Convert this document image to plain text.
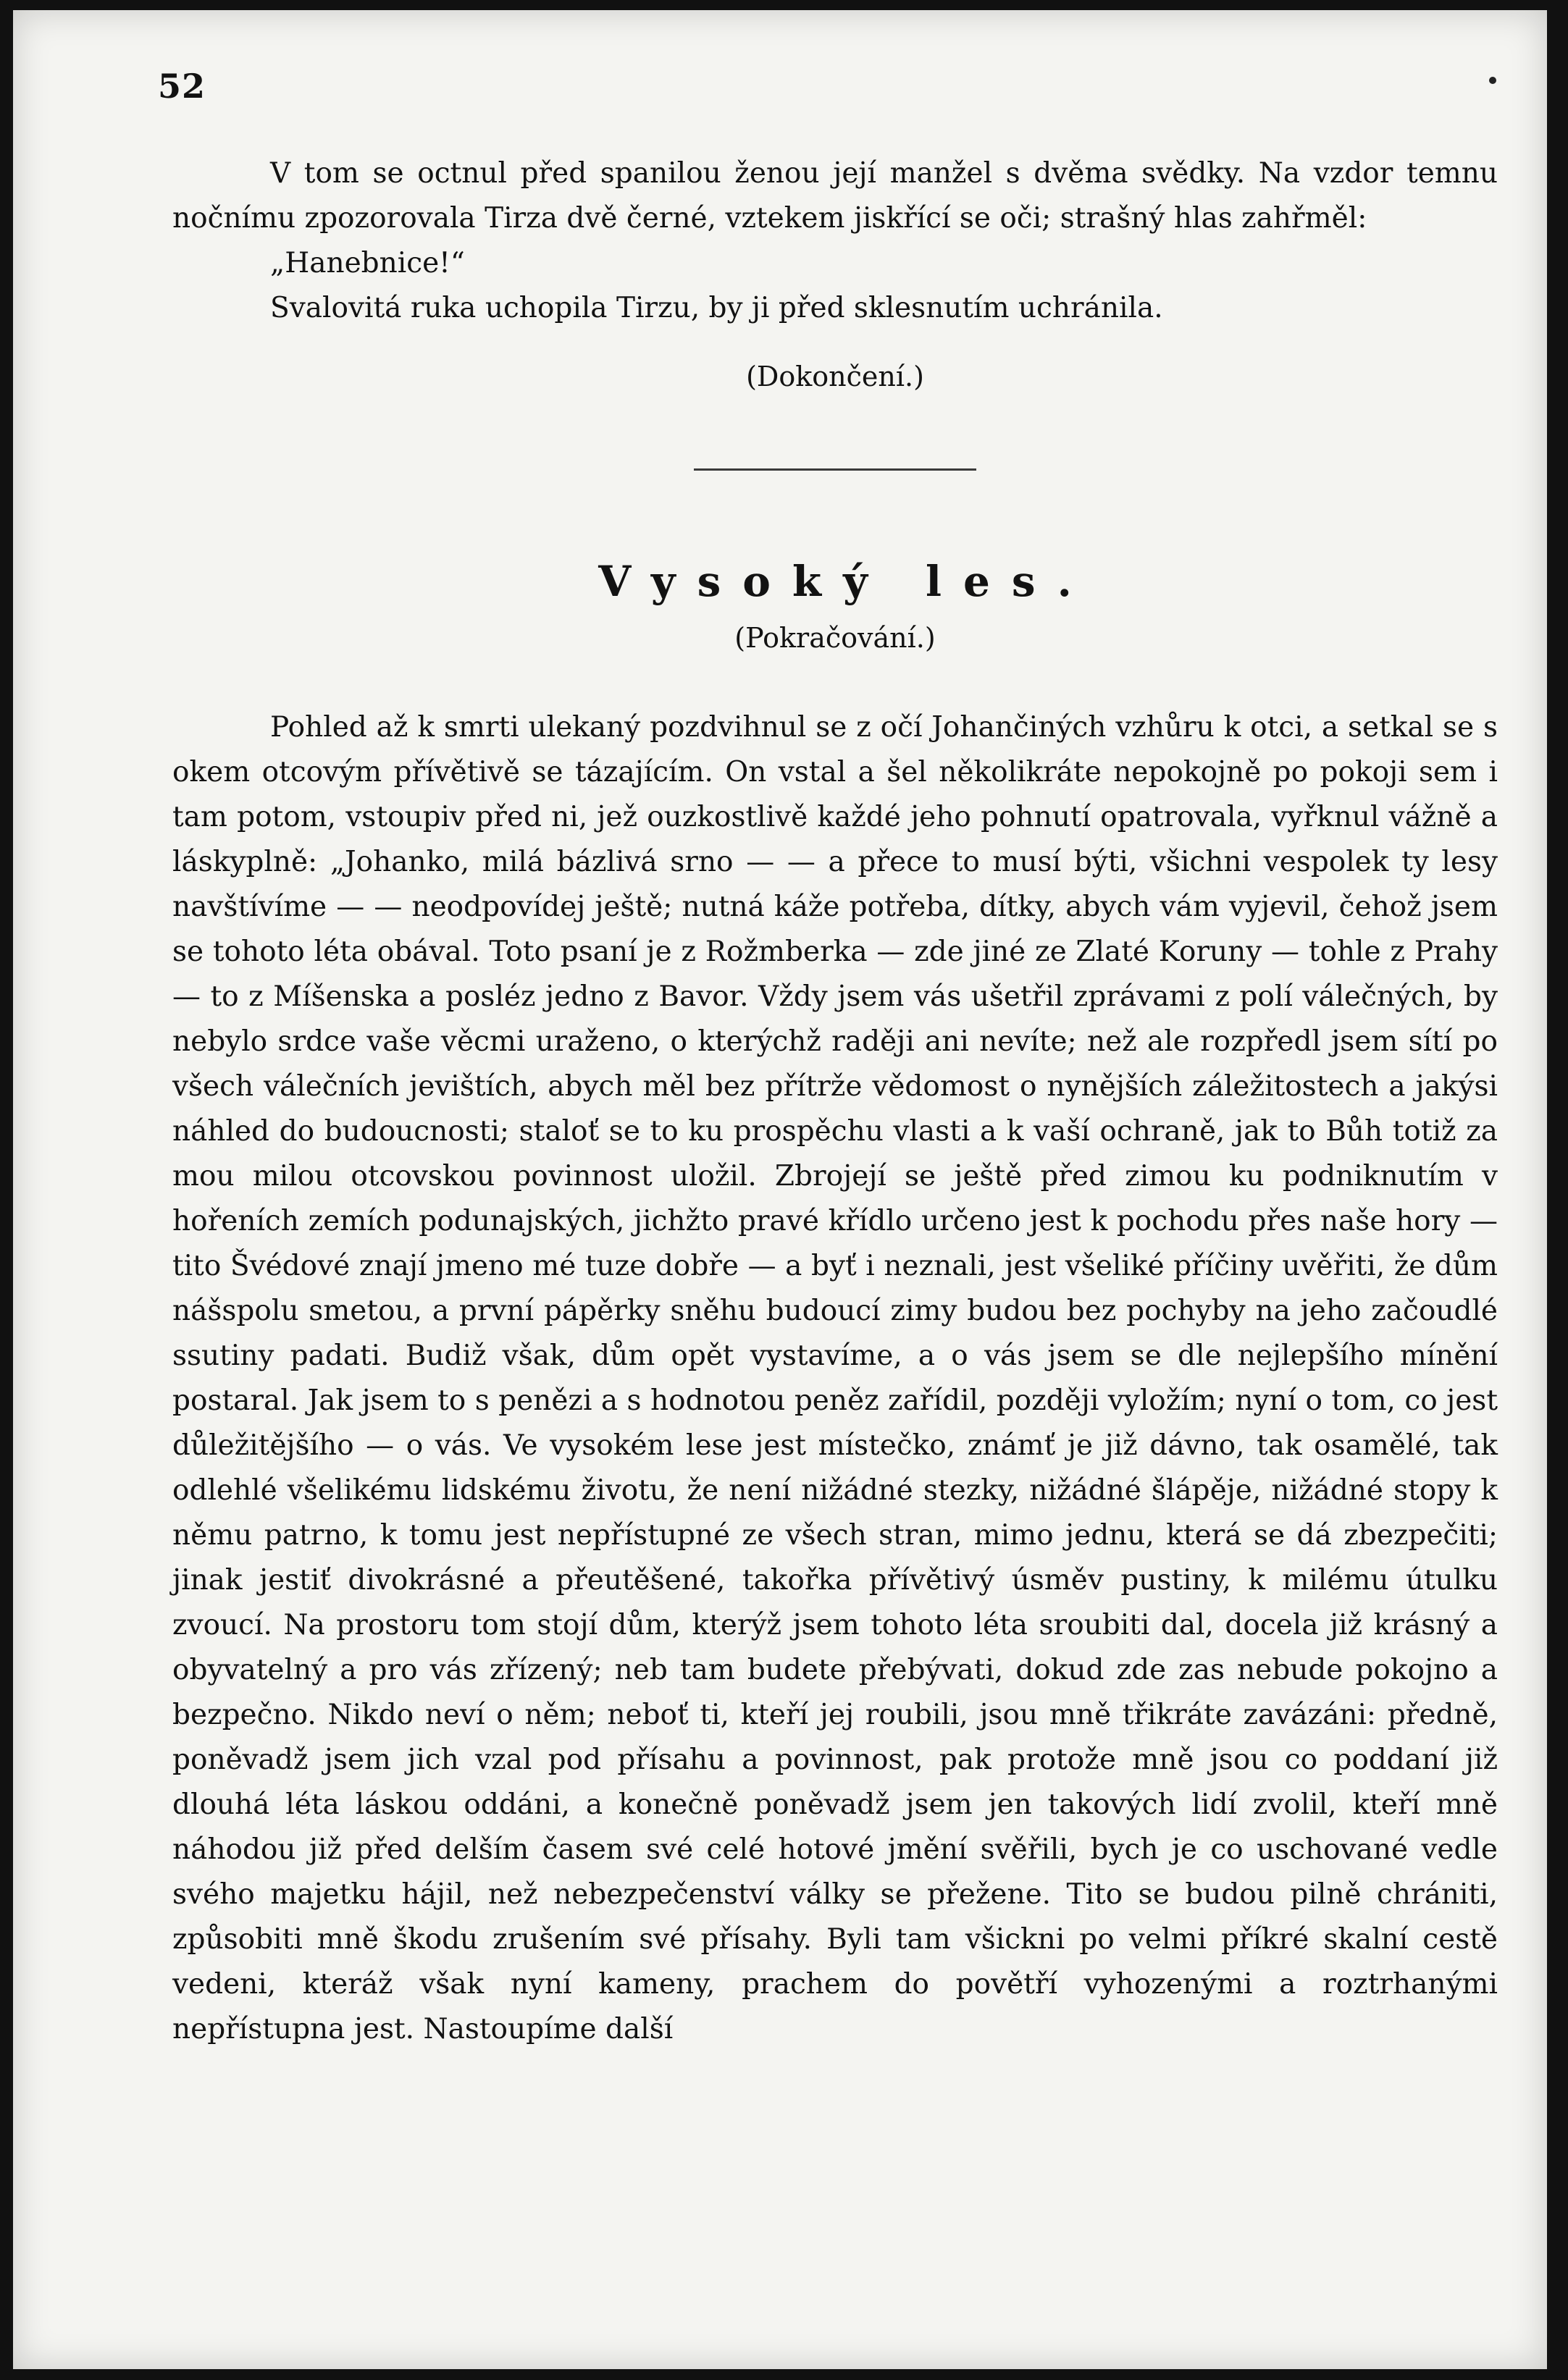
52

V tom se octnul před spanilou ženou její manžel s dvěma svědky. Na vzdor temnu nočnímu zpozorovala Tirza dvě černé, vztekem jiskřící se oči; strašný hlas zahřměl:

„Hanebnice!“

Svalovitá ruka uchopila Tirzu, by ji před sklesnutím uchránila.

(Dokončení.)

Vysoký les.

(Pokračování.)

Pohled až k smrti ulekaný pozdvihnul se z očí Johančiných vzhůru k otci, a setkal se s okem otcovým přívětivě se tázajícím. On vstal a šel několikráte nepokojně po pokoji sem i tam potom, vstoupiv před ni, jež ouzkostlivě každé jeho pohnutí opatrovala, vyřknul vážně a láskyplně: „Johanko, milá bázlivá srno — — a přece to musí býti, všichni vespolek ty lesy navštívíme — — neodpovídej ještě; nutná káže potřeba, dítky, abych vám vyjevil, čehož jsem se tohoto léta obával. Toto psaní je z Rožmberka — zde jiné ze Zlaté Koruny — tohle z Prahy — to z Míšenska a posléz jedno z Bavor. Vždy jsem vás ušetřil zprávami z polí válečných, by nebylo srdce vaše věcmi uraženo, o kterýchž raději ani nevíte; než ale rozpředl jsem sítí po všech válečních jevištích, abych měl bez přítrže vědomost o nynějších záležitostech a jakýsi náhled do budoucnosti; staloť se to ku prospěchu vlasti a k vaší ochraně, jak to Bůh totiž za mou milou otcovskou povinnost uložil. Zbrojejí se ještě před zimou ku podniknutím v hořeních zemích podunajských, jichžto pravé křídlo určeno jest k pochodu přes naše hory — tito Švédové znají jmeno mé tuze dobře — a byť i neznali, jest všeliké příčiny uvěřiti, že dům nášspolu smetou, a první pápěrky sněhu budoucí zimy budou bez pochyby na jeho začoudlé ssutiny padati. Budiž však, dům opět vystavíme, a o vás jsem se dle nejlepšího mínění postaral. Jak jsem to s penězi a s hodnotou peněz zařídil, později vyložím; nyní o tom, co jest důležitějšího — o vás. Ve vysokém lese jest místečko, známť je již dávno, tak osamělé, tak odlehlé všelikému lidskému životu, že není nižádné stezky, nižádné šlápěje, nižádné stopy k němu patrno, k tomu jest nepřístupné ze všech stran, mimo jednu, která se dá zbezpečiti; jinak jestiť divokrásné a přeutěšené, takořka přívětivý úsměv pustiny, k milému útulku zvoucí. Na prostoru tom stojí dům, kterýž jsem tohoto léta sroubiti dal, docela již krásný a obyvatelný a pro vás zřízený; neb tam budete přebývati, dokud zde zas nebude pokojno a bezpečno. Nikdo neví o něm; neboť ti, kteří jej roubili, jsou mně třikráte zavázáni: předně, poněvadž jsem jich vzal pod přísahu a povinnost, pak protože mně jsou co poddaní již dlouhá léta láskou oddáni, a konečně poněvadž jsem jen takových lidí zvolil, kteří mně náhodou již před delším časem své celé hotové jmění svěřili, bych je co uschované vedle svého majetku hájil, než nebezpečenství války se přežene. Tito se budou pilně chrániti, způsobiti mně škodu zrušením své přísahy. Byli tam všickni po velmi příkré skalní cestě vedeni, kteráž však nyní kameny, prachem do povětří vyhozenými a roztrhanými nepřístupna jest. Nastoupíme další
